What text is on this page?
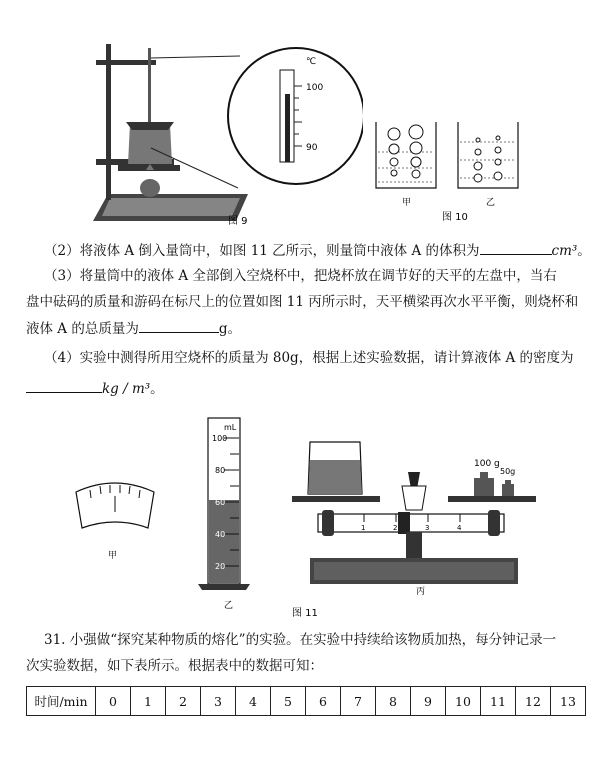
℃
100
90
图 9
甲
图 10
乙
（2）将液体 A 倒入量筒中，如图 11 乙所示，则量筒中液体 A 的体积为	cm³。
（3）将量筒中的液体 A 全部倒入空烧杯中，把烧杯放在调节好的天平的左盘中，当右
盘中砝码的质量和游码在标尺上的位置如图 11 丙所示时，天平横梁再次水平平衡，则烧杯和
液体 A 的总质量为	g。
（4）实验中测得所用空烧杯的质量为 80g，根据上述实验数据，请计算液体 A 的密度为
kg / m³。
甲
mL
100
80
60
40
20
乙
100 g
50g
1	2	3	4
丙
图 11
31. 小强做“探究某种物质的熔化”的实验。在实验中持续给该物质加热，每分钟记录一
次实验数据，如下表所示。根据表中的数据可知：
时间/min	0	1	2	3	4	5	6	7	8	9	10	11	12	13
